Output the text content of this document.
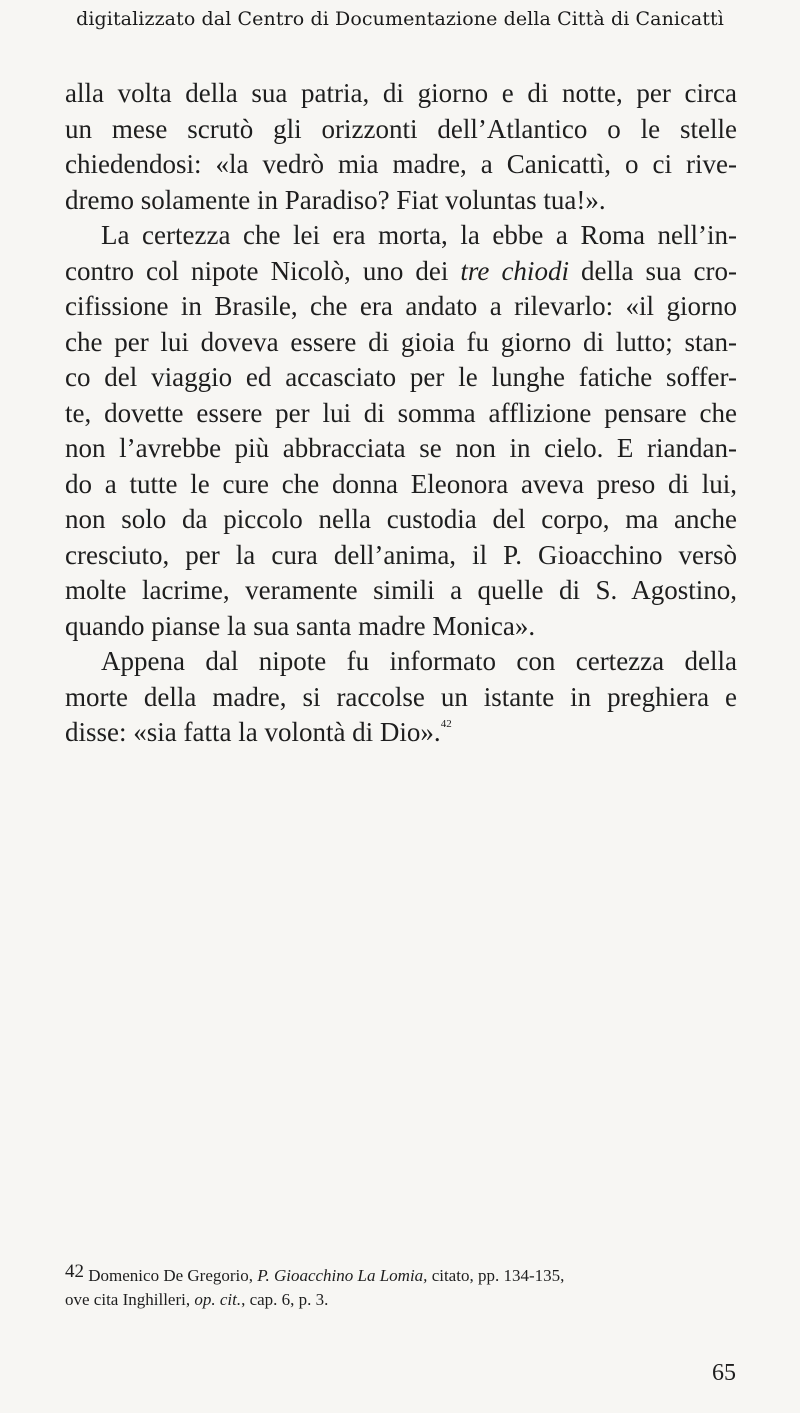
digitalizzato dal Centro di Documentazione della Città di Canicattì
alla volta della sua patria, di giorno e di notte, per circa
un mese scrutò gli orizzonti dell’Atlantico o le stelle
chiedendosi: «la vedrò mia madre, a Canicattì, o ci rive-
dremo solamente in Paradiso? Fiat voluntas tua!».
La certezza che lei era morta, la ebbe a Roma nell’in-
contro col nipote Nicolò, uno dei tre chiodi della sua cro-
cifissione in Brasile, che era andato a rilevarlo: «il giorno
che per lui doveva essere di gioia fu giorno di lutto; stan-
co del viaggio ed accasciato per le lunghe fatiche soffer-
te, dovette essere per lui di somma afflizione pensare che
non l’avrebbe più abbracciata se non in cielo. E riandan-
do a tutte le cure che donna Eleonora aveva preso di lui,
non solo da piccolo nella custodia del corpo, ma anche
cresciuto, per la cura dell’anima, il P. Gioacchino versò
molte lacrime, veramente simili a quelle di S. Agostino,
quando pianse la sua santa madre Monica».
Appena dal nipote fu informato con certezza della
morte della madre, si raccolse un istante in preghiera e
disse: «sia fatta la volontà di Dio».$^{42}$
42 Domenico De Gregorio, P. Gioacchino La Lomia, citato, pp. 134-135,
ove cita Inghilleri, op. cit., cap. 6, p. 3.
65
